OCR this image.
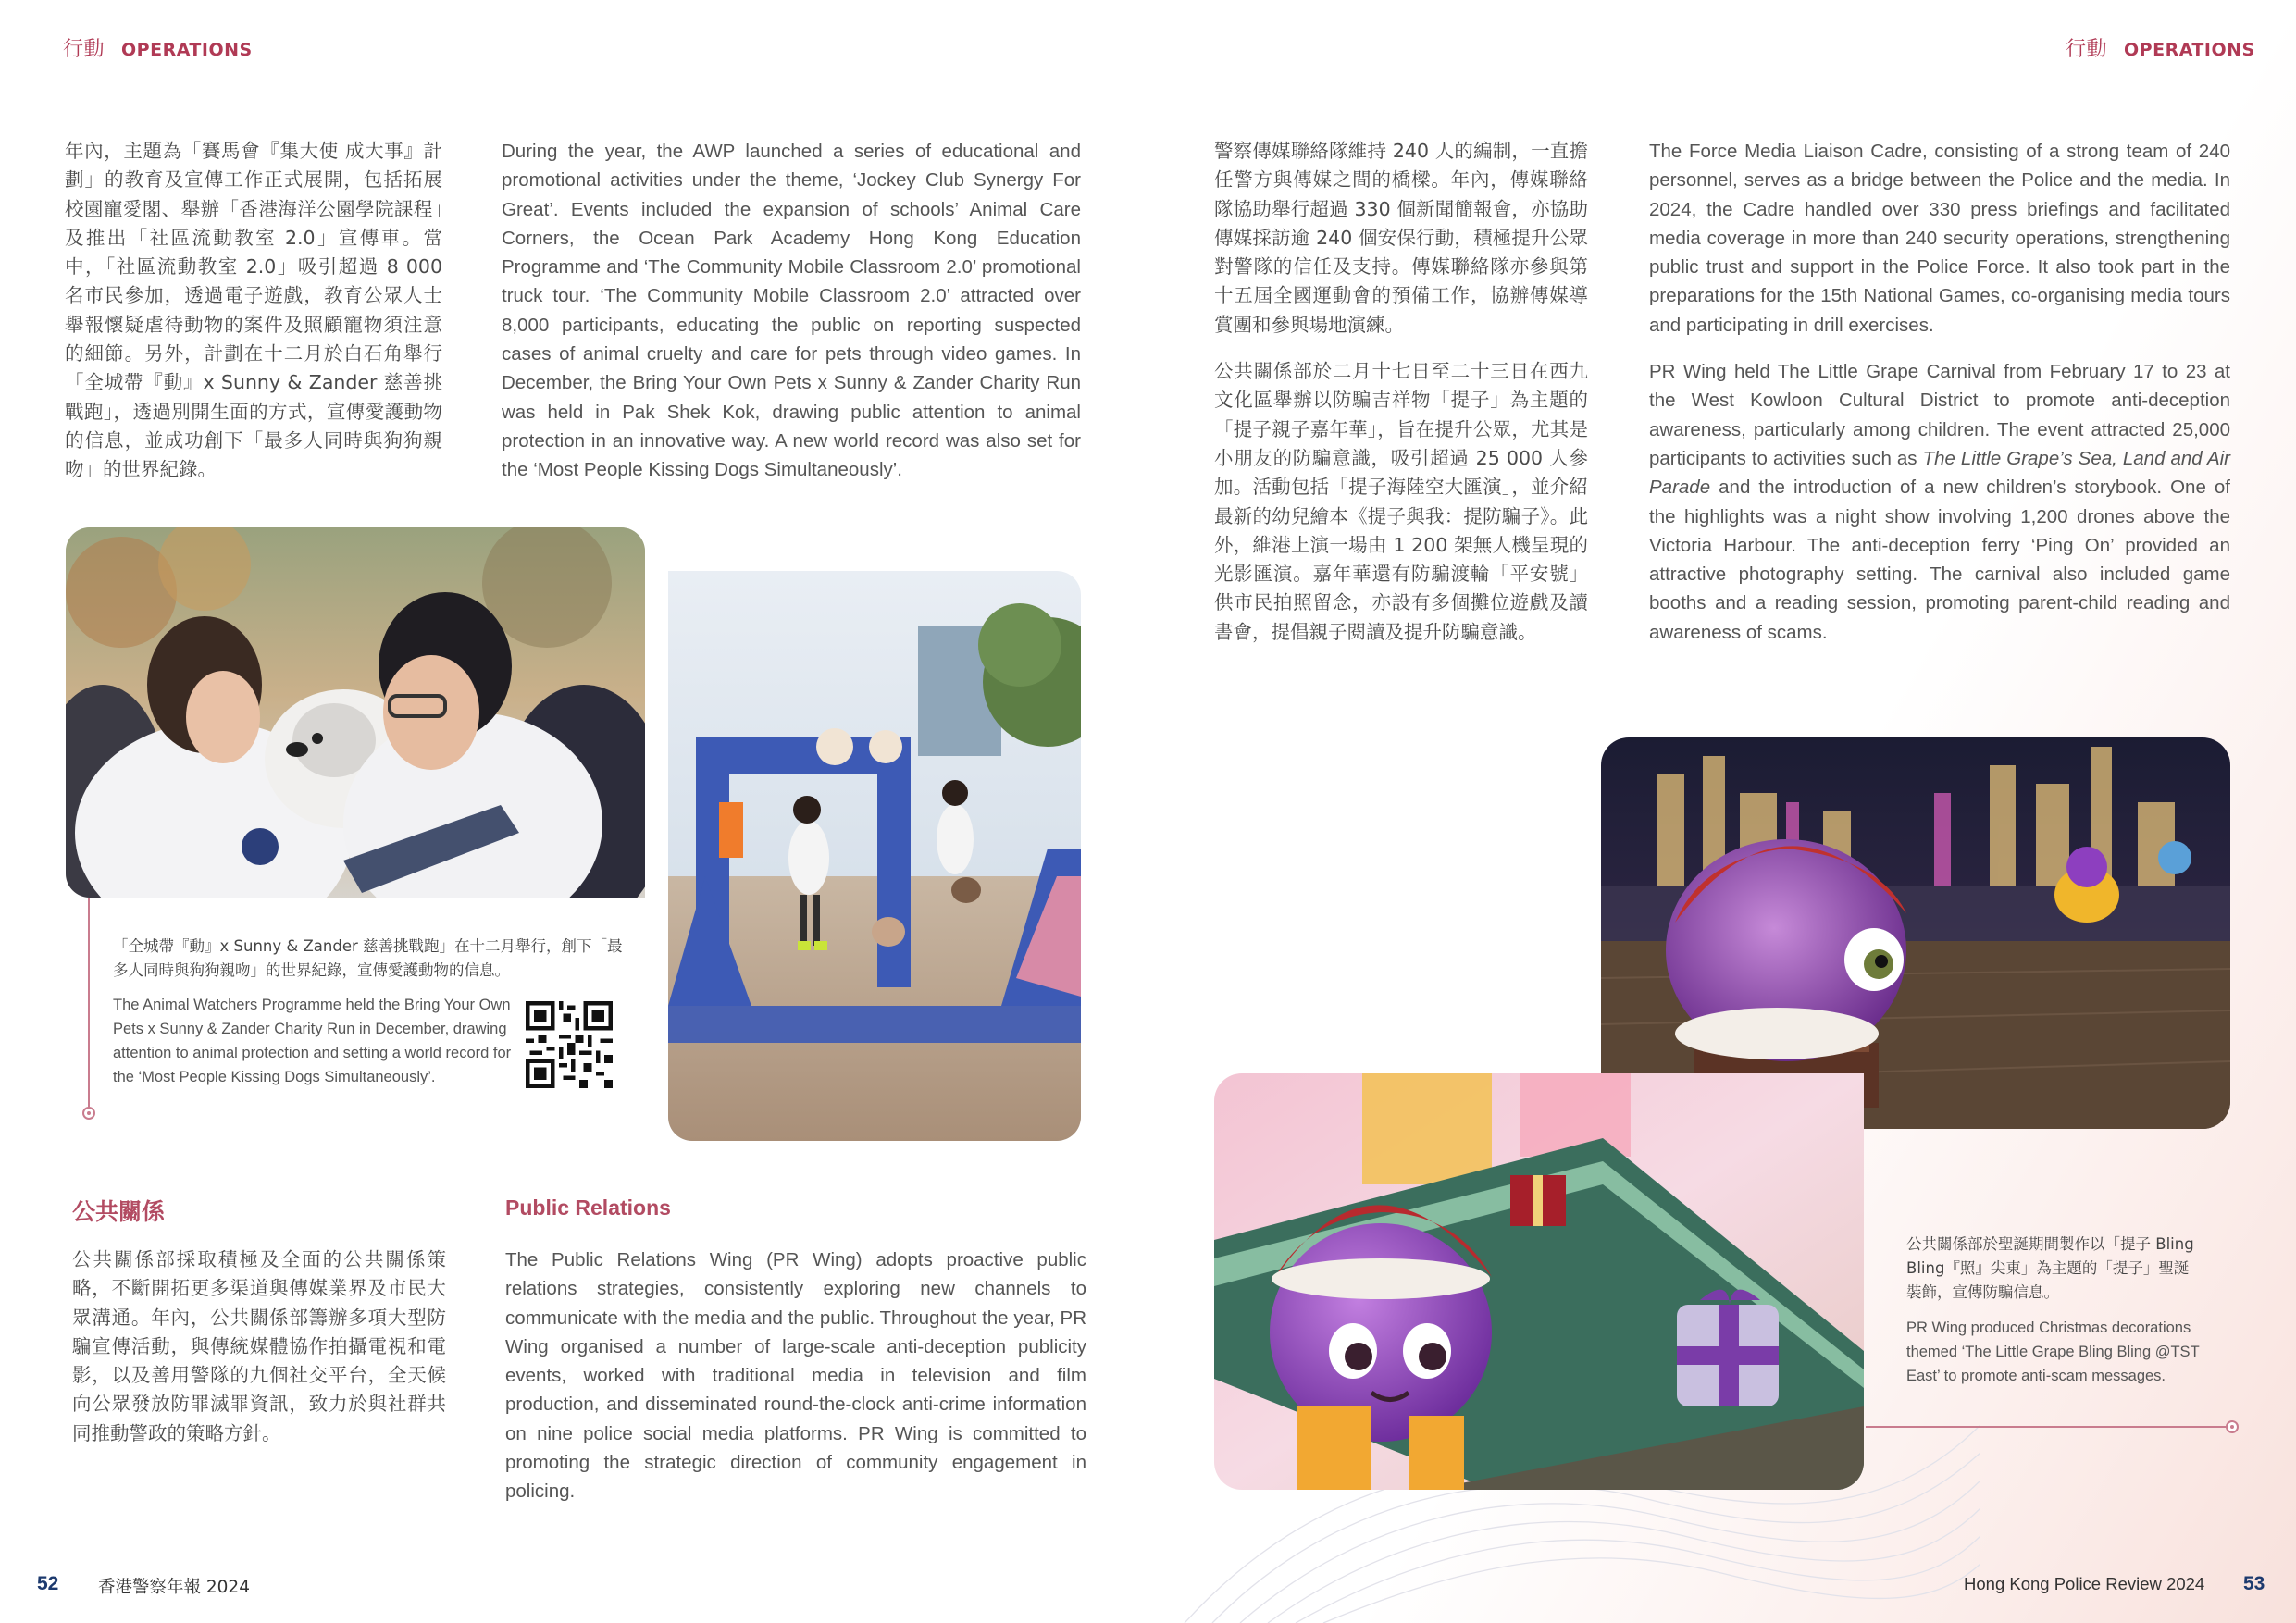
行動 OPERATIONS	行動 OPERATIONS
年內，主題為「賽馬會『集大使 成大事』計劃」的教育及宣傳工作正式展開，包括拓展校園寵愛閣、舉辦「香港海洋公園學院課程」及推出「社區流動教室 2.0」宣傳車。當中，「社區流動教室 2.0」吸引超過 8 000 名市民參加，透過電子遊戲，教育公眾人士舉報懷疑虐待動物的案件及照顧寵物須注意的細節。另外，計劃在十二月於白石角舉行「全城帶『動』x Sunny & Zander 慈善挑戰跑」，透過別開生面的方式，宣傳愛護動物的信息，並成功創下「最多人同時與狗狗親吻」的世界紀錄。
During the year, the AWP launched a series of educational and promotional activities under the theme, ‘Jockey Club Synergy For Great’. Events included the expansion of schools’ Animal Care Corners, the Ocean Park Academy Hong Kong Education Programme and ‘The Community Mobile Classroom 2.0’ promotional truck tour. ‘The Community Mobile Classroom 2.0’ attracted over 8,000 participants, educating the public on reporting suspected cases of animal cruelty and care for pets through video games. In December, the Bring Your Own Pets x Sunny & Zander Charity Run was held in Pak Shek Kok, drawing public attention to animal protection in an innovative way. A new world record was also set for the ‘Most People Kissing Dogs Simultaneously’.
「全城帶『動』x Sunny & Zander 慈善挑戰跑」在十二月舉行，創下「最多人同時與狗狗親吻」的世界紀錄，宣傳愛護動物的信息。
The Animal Watchers Programme held the Bring Your Own Pets x Sunny & Zander Charity Run in December, drawing attention to animal protection and setting a world record for the ‘Most People Kissing Dogs Simultaneously’.
公共關係	Public Relations
公共關係部採取積極及全面的公共關係策略，不斷開拓更多渠道與傳媒業界及市民大眾溝通。年內，公共關係部籌辦多項大型防騙宣傳活動，與傳統媒體協作拍攝電視和電影，以及善用警隊的九個社交平台，全天候向公眾發放防罪滅罪資訊，致力於與社群共同推動警政的策略方針。
The Public Relations Wing (PR Wing) adopts proactive public relations strategies, consistently exploring new channels to communicate with the media and the public. Throughout the year, PR Wing organised a number of large-scale anti-deception publicity events, worked with traditional media in television and film production, and disseminated round-the-clock anti-crime information on nine police social media platforms. PR Wing is committed to promoting the strategic direction of community engagement in policing.

警察傳媒聯絡隊維持 240 人的編制，一直擔任警方與傳媒之間的橋樑。年內，傳媒聯絡隊協助舉行超過 330 個新聞簡報會，亦協助傳媒採訪逾 240 個安保行動，積極提升公眾對警隊的信任及支持。傳媒聯絡隊亦參與第十五屆全國運動會的預備工作，協辦傳媒導賞團和參與場地演練。

公共關係部於二月十七日至二十三日在西九文化區舉辦以防騙吉祥物「提子」為主題的「提子親子嘉年華」，旨在提升公眾，尤其是小朋友的防騙意識，吸引超過 25 000 人參加。活動包括「提子海陸空大匯演」，並介紹最新的幼兒繪本《提子與我：提防騙子》。此外，維港上演一場由 1 200 架無人機呈現的光影匯演。嘉年華還有防騙渡輪「平安號」供市民拍照留念，亦設有多個攤位遊戲及讀書會，提倡親子閱讀及提升防騙意識。

The Force Media Liaison Cadre, consisting of a strong team of 240 personnel, serves as a bridge between the Police and the media. In 2024, the Cadre handled over 330 press briefings and facilitated media coverage in more than 240 security operations, strengthening public trust and support in the Police Force. It also took part in the preparations for the 15th National Games, co-organising media tours and participating in drill exercises.

PR Wing held The Little Grape Carnival from February 17 to 23 at the West Kowloon Cultural District to promote anti-deception awareness, particularly among children. The event attracted 25,000 participants to activities such as The Little Grape’s Sea, Land and Air Parade and the introduction of a new children’s storybook. One of the highlights was a night show involving 1,200 drones above the Victoria Harbour. The anti-deception ferry ‘Ping On’ provided an attractive photography setting. The carnival also included game booths and a reading session, promoting parent-child reading and awareness of scams.

公共關係部於聖誕期間製作以「提子 Bling Bling『照』尖東」為主題的「提子」聖誕裝飾，宣傳防騙信息。
PR Wing produced Christmas decorations themed ‘The Little Grape Bling Bling @TST East’ to promote anti-scam messages.
52 香港警察年報 2024	Hong Kong Police Review 2024 53
